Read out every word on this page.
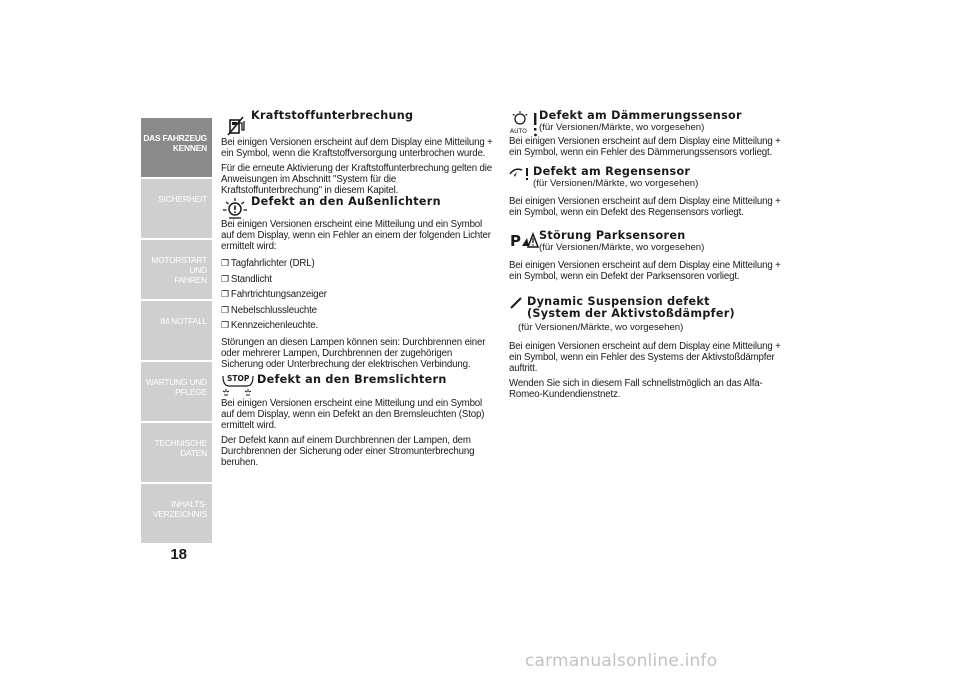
DAS FAHRZEUG
KENNEN
SICHERHEIT
MOTORSTART UND
FAHREN
IM NOTFALL
WARTUNG UND
PFLEGE
TECHNISCHE DATEN
INHALTS-
VERZEICHNIS
18
Kraftstoffunterbrechung

Bei einigen Versionen erscheint auf dem Display eine Mitteilung + ein Symbol, wenn die Kraftstoffversorgung unterbrochen wurde.

Für die erneute Aktivierung der Kraftstoffunterbrechung gelten die Anweisungen im Abschnitt "System für die Kraftstoffunterbrechung" in diesem Kapitel.

Defekt an den Außenlichtern

Bei einigen Versionen erscheint eine Mitteilung und ein Symbol auf dem Display, wenn ein Fehler an einem der folgenden Lichter ermittelt wird:

❐ Tagfahrlichter (DRL)
❐ Standlicht
❐ Fahrtrichtungsanzeiger
❐ Nebelschlussleuchte
❐ Kennzeichenleuchte.

Störungen an diesen Lampen können sein: Durchbrennen einer oder mehrerer Lampen, Durchbrennen der zugehörigen Sicherung oder Unterbrechung der elektrischen Verbindung.

STOP Defekt an den Bremslichtern

Bei einigen Versionen erscheint eine Mitteilung und ein Symbol auf dem Display, wenn ein Defekt an den Bremsleuchten (Stop) ermittelt wird.

Der Defekt kann auf einem Durchbrennen der Lampen, dem Durchbrennen der Sicherung oder einer Stromunterbrechung beruhen.

AUTO
Defekt am Dämmerungssensor
(für Versionen/Märkte, wo vorgesehen)

Bei einigen Versionen erscheint auf dem Display eine Mitteilung + ein Symbol, wenn ein Fehler des Dämmerungssensors vorliegt.

Defekt am Regensensor
(für Versionen/Märkte, wo vorgesehen)

Bei einigen Versionen erscheint auf dem Display eine Mitteilung + ein Symbol, wenn ein Defekt des Regensensors vorliegt.

P Störung Parksensoren
(für Versionen/Märkte, wo vorgesehen)

Bei einigen Versionen erscheint auf dem Display eine Mitteilung + ein Symbol, wenn ein Defekt der Parksensoren vorliegt.

Dynamic Suspension defekt
(System der Aktivstoßdämpfer)
(für Versionen/Märkte, wo vorgesehen)

Bei einigen Versionen erscheint auf dem Display eine Mitteilung + ein Symbol, wenn ein Fehler des Systems der Aktivstoßdämpfer auftritt.

Wenden Sie sich in diesem Fall schnellstmöglich an das Alfa-Romeo-Kundendienstnetz.

carmanualsonline.info
